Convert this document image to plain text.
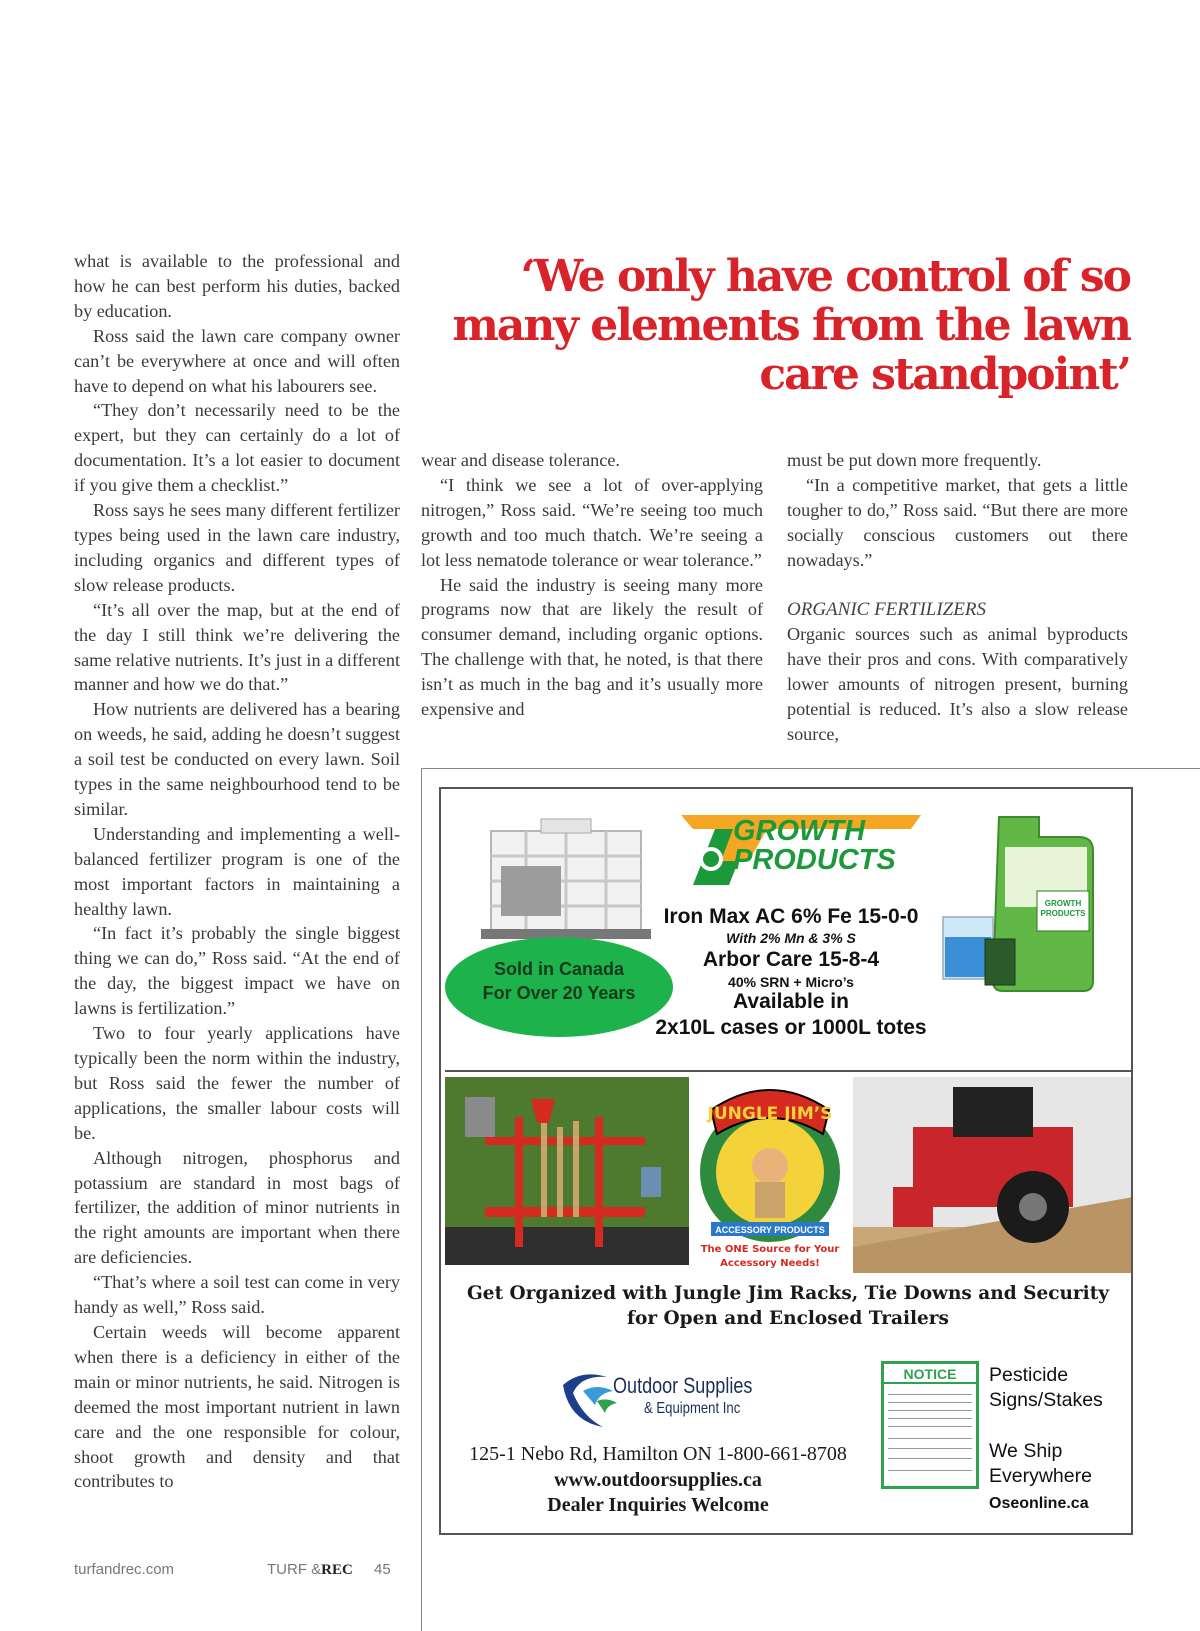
what is available to the professional and how he can best perform his duties, backed by education.

Ross said the lawn care company owner can’t be everywhere at once and will often have to depend on what his labourers see.

“They don’t necessarily need to be the expert, but they can certainly do a lot of documentation. It’s a lot easier to document if you give them a checklist.”

Ross says he sees many different fertilizer types being used in the lawn care industry, including organics and different types of slow release products.

“It’s all over the map, but at the end of the day I still think we’re delivering the same relative nutrients. It’s just in a different manner and how we do that.”

How nutrients are delivered has a bearing on weeds, he said, adding he doesn’t suggest a soil test be conducted on every lawn. Soil types in the same neighbourhood tend to be similar.

Understanding and implementing a well-balanced fertilizer program is one of the most important factors in maintaining a healthy lawn.

“In fact it’s probably the single biggest thing we can do,” Ross said. “At the end of the day, the biggest impact we have on lawns is fertilization.”

Two to four yearly applications have typically been the norm within the industry, but Ross said the fewer the number of applications, the smaller labour costs will be.

Although nitrogen, phosphorus and potassium are standard in most bags of fertilizer, the addition of minor nutrients in the right amounts are important when there are deficiencies.

“That’s where a soil test can come in very handy as well,” Ross said.

Certain weeds will become apparent when there is a deficiency in either of the main or minor nutrients, he said. Nitrogen is deemed the most important nutrient in lawn care and the one responsible for colour, shoot growth and density and that contributes to

‘We only have control of so many elements from the lawn care standpoint’

wear and disease tolerance.

“I think we see a lot of over-applying nitrogen,” Ross said. “We’re seeing too much growth and too much thatch. We’re seeing a lot less nematode tolerance or wear tolerance.”

He said the industry is seeing many more programs now that are likely the result of consumer demand, including organic options. The challenge with that, he noted, is that there isn’t as much in the bag and it’s usually more expensive and

must be put down more frequently.

“In a competitive market, that gets a little tougher to do,” Ross said. “But there are more socially conscious customers out there nowadays.”

ORGANIC FERTILIZERS

Organic sources such as animal byproducts have their pros and cons. With comparatively lower amounts of nitrogen present, burning potential is reduced. It’s also a slow release source,

GROWTH
PRODUCTS
Iron Max AC 6% Fe 15-0-0
With 2% Mn & 3% S
Arbor Care 15-8-4
40% SRN + Micro’s
Available in
2x10L cases or 1000L totes
Sold in Canada
For Over 20 Years
GROWTH
PRODUCTS
JUNGLE JIM’S
ACCESSORY PRODUCTS
The ONE Source for Your
Accessory Needs!
Get Organized with Jungle Jim Racks, Tie Downs and Security for Open and Enclosed Trailers
Outdoor Supplies
& Equipment Inc
125-1 Nebo Rd, Hamilton ON 1-800-661-8708
www.outdoorsupplies.ca
Dealer Inquiries Welcome
NOTICE	Pesticide
Signs/Stakes
We Ship
Everywhere
Oseonline.ca
turfandrec.com	TURF &REC 45
